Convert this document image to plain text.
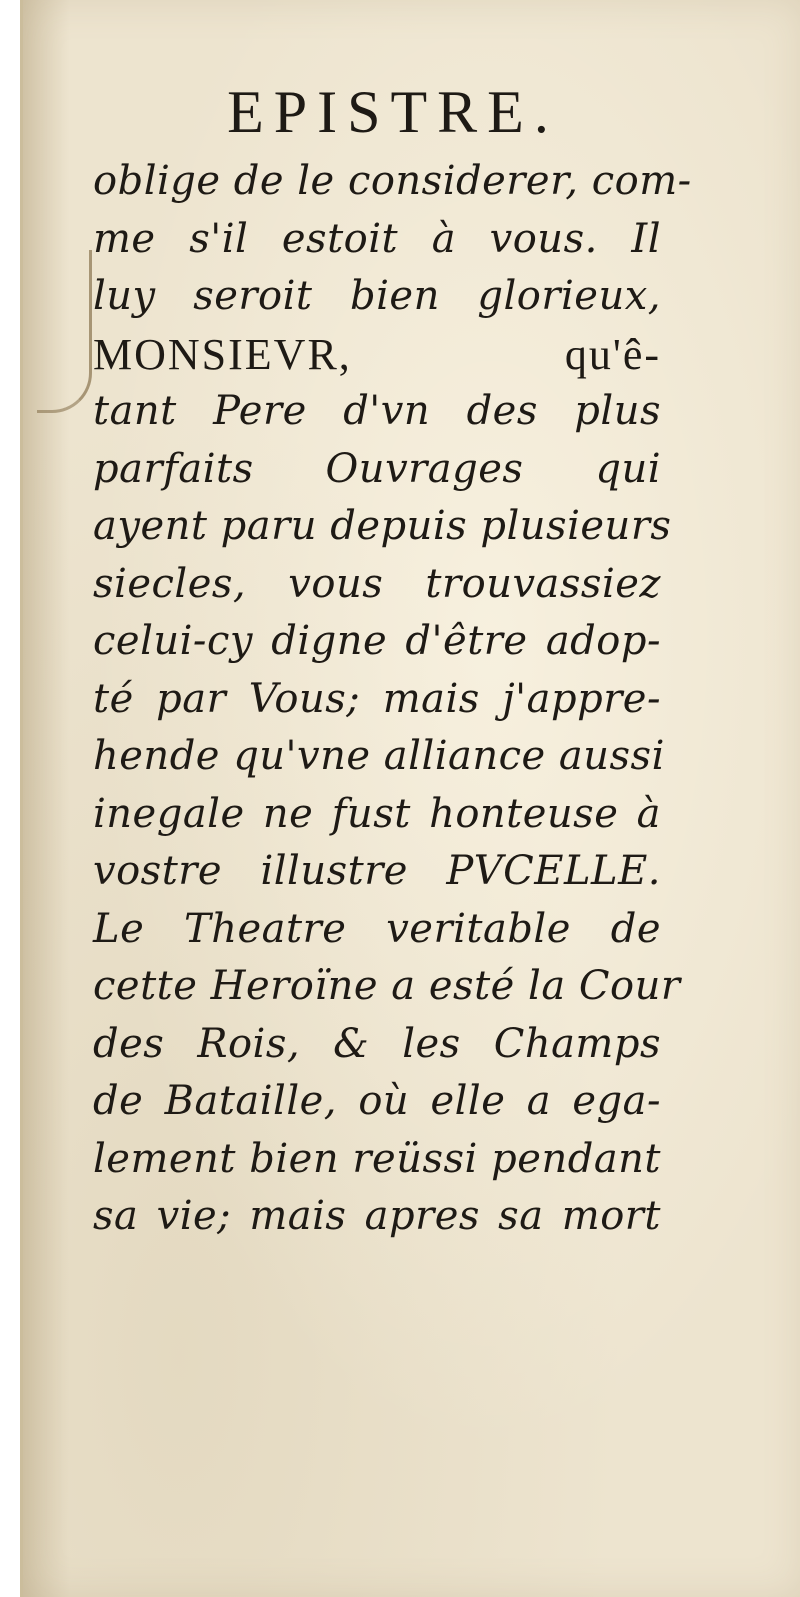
EPISTRE.
oblige de le considerer, com-
me s'il estoit à vous. Il
luy seroit bien glorieux,
MONSIEVR, qu'ê-
tant Pere d'vn des plus
parfaits Ouvrages qui
ayent paru depuis plusieurs
siecles, vous trouvassiez
celui-cy digne d'être adop-
té par Vous; mais j'appre-
hende qu'vne alliance aussi
inegale ne fust honteuse à
vostre illustre PVCELLE.
Le Theatre veritable de
cette Heroïne a esté la Cour
des Rois, & les Champs
de Bataille, où elle a ega-
lement bien reüssi pendant
sa vie; mais apres sa mort
